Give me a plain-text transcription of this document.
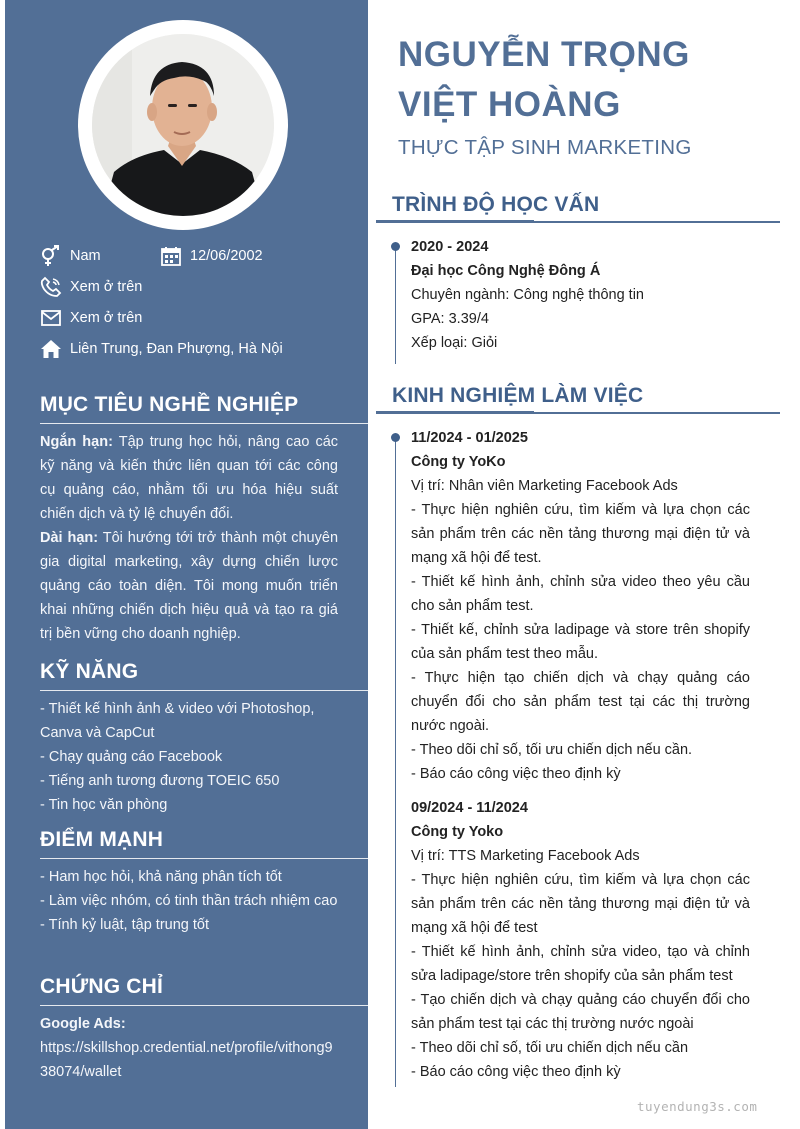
Nam	12/06/2002
Xem ở trên
Xem ở trên
Liên Trung, Đan Phượng, Hà Nội
MỤC TIÊU NGHỀ NGHIỆP

Ngắn hạn: Tập trung học hỏi, nâng cao các kỹ năng và kiến thức liên quan tới các công cụ quảng cáo, nhằm tối ưu hóa hiệu suất chiến dịch và tỷ lệ chuyển đổi.

Dài hạn: Tôi hướng tới trở thành một chuyên gia digital marketing, xây dựng chiến lược quảng cáo toàn diện. Tôi mong muốn triển khai những chiến dịch hiệu quả và tạo ra giá trị bền vững cho doanh nghiệp.

KỸ NĂNG

- Thiết kế hình ảnh & video với Photoshop, Canva và CapCut

- Chạy quảng cáo Facebook

- Tiếng anh tương đương TOEIC 650

- Tin học văn phòng

ĐIỂM MẠNH

- Ham học hỏi, khả năng phân tích tốt

- Làm việc nhóm, có tinh thần trách nhiệm cao

- Tính kỷ luật, tập trung tốt

CHỨNG CHỈ

Google Ads:

https://skillshop.credential.net/profile/vithong938074/wallet

NGUYỄN TRỌNG
VIỆT HOÀNG
THỰC TẬP SINH MARKETING
TRÌNH ĐỘ HỌC VẤN

2020 - 2024

Đại học Công Nghệ Đông Á

Chuyên ngành: Công nghệ thông tin

GPA: 3.39/4

Xếp loại: Giỏi

KINH NGHIỆM LÀM VIỆC

11/2024 - 01/2025

Công ty YoKo

Vị trí: Nhân viên Marketing Facebook Ads

- Thực hiện nghiên cứu, tìm kiếm và lựa chọn các sản phẩm trên các nền tảng thương mại điện tử và mạng xã hội để test.

- Thiết kế hình ảnh, chỉnh sửa video theo yêu cầu cho sản phẩm test.

- Thiết kế, chỉnh sửa ladipage và store trên shopify của sản phẩm test theo mẫu.

- Thực hiện tạo chiến dịch và chạy quảng cáo chuyển đổi cho sản phẩm test tại các thị trường nước ngoài.

- Theo dõi chỉ số, tối ưu chiến dịch nếu cần.

- Báo cáo công việc theo định kỳ

09/2024 - 11/2024

Công ty Yoko

Vị trí: TTS Marketing Facebook Ads

- Thực hiện nghiên cứu, tìm kiếm và lựa chọn các sản phẩm trên các nền tảng thương mại điện tử và mạng xã hội để test

- Thiết kế hình ảnh, chỉnh sửa video, tạo và chỉnh sửa ladipage/store trên shopify của sản phẩm test

- Tạo chiến dịch và chạy quảng cáo chuyển đổi cho sản phẩm test tại các thị trường nước ngoài

- Theo dõi chỉ số, tối ưu chiến dịch nếu cần

- Báo cáo công việc theo định kỳ

tuyendung3s.com
